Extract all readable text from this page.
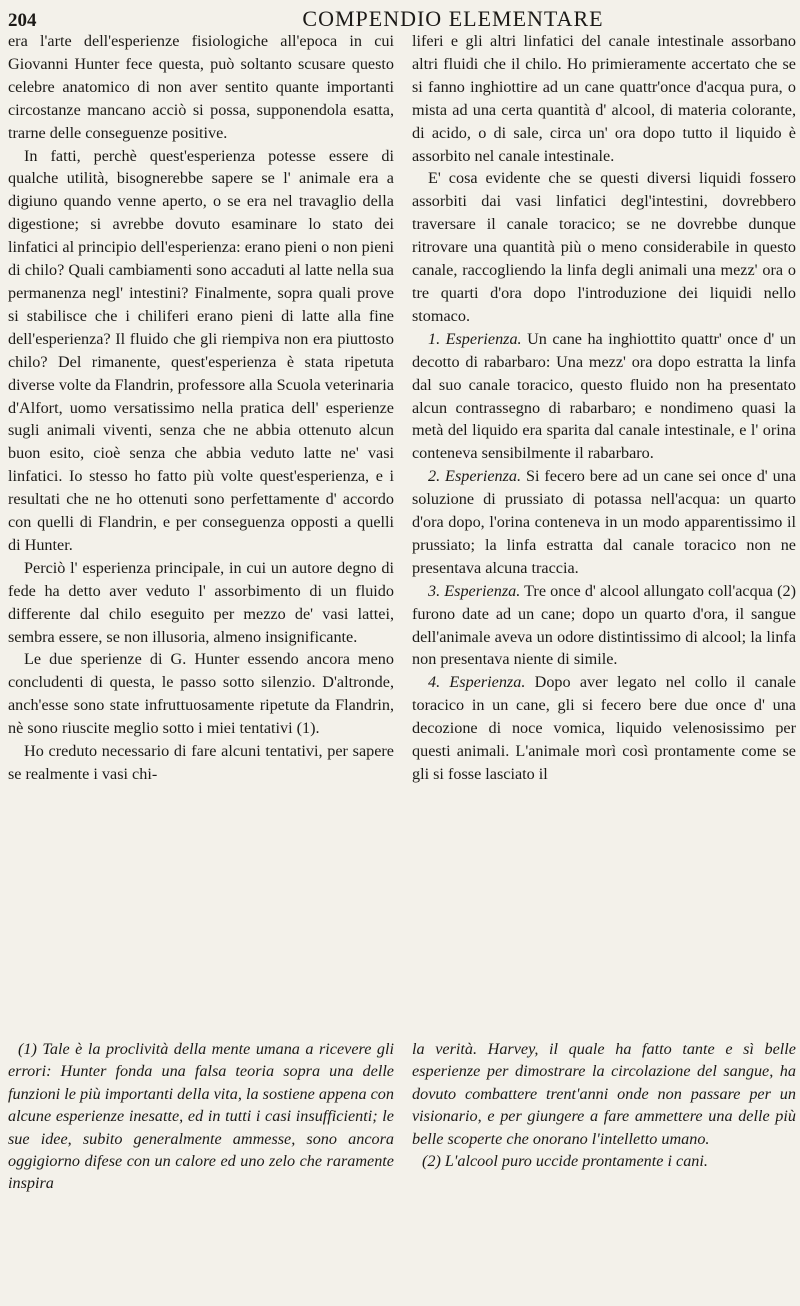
204	COMPENDIO ELEMENTARE

era l'arte dell'esperienze fisiologiche all'epoca in cui Giovanni Hunter fece questa, può soltanto scusare questo celebre anatomico di non aver sentito quante importanti circostanze mancano acciò si possa, supponendola esatta, trarne delle conseguenze positive.

In fatti, perchè quest'esperienza potesse essere di qualche utilità, bisognerebbe sapere se l' animale era a digiuno quando venne aperto, o se era nel travaglio della digestione; si avrebbe dovuto esaminare lo stato dei linfatici al principio dell'esperienza: erano pieni o non pieni di chilo? Quali cambiamenti sono accaduti al latte nella sua permanenza negl' intestini? Finalmente, sopra quali prove si stabilisce che i chiliferi erano pieni di latte alla fine dell'esperienza? Il fluido che gli riempiva non era piuttosto chilo? Del rimanente, quest'esperienza è stata ripetuta diverse volte da Flandrin, professore alla Scuola veterinaria d'Alfort, uomo versatissimo nella pratica dell' esperienze sugli animali viventi, senza che ne abbia ottenuto alcun buon esito, cioè senza che abbia veduto latte ne' vasi linfatici. Io stesso ho fatto più volte quest'esperienza, e i resultati che ne ho ottenuti sono perfettamente d' accordo con quelli di Flandrin, e per conseguenza opposti a quelli di Hunter.

Perciò l' esperienza principale, in cui un autore degno di fede ha detto aver veduto l' assorbimento di un fluido differente dal chilo eseguito per mezzo de' vasi lattei, sembra essere, se non illusoria, almeno insignificante.

Le due sperienze di G. Hunter essendo ancora meno concludenti di questa, le passo sotto silenzio. D'altronde, anch'esse sono state infruttuosamente ripetute da Flandrin, nè sono riuscite meglio sotto i miei tentativi (1).

Ho creduto necessario di fare alcuni tentativi, per sapere se realmente i vasi chi-

liferi e gli altri linfatici del canale intestinale assorbano altri fluidi che il chilo. Ho primieramente accertato che se si fanno inghiottire ad un cane quattr'once d'acqua pura, o mista ad una certa quantità d' alcool, di materia colorante, di acido, o di sale, circa un' ora dopo tutto il liquido è assorbito nel canale intestinale.

E' cosa evidente che se questi diversi liquidi fossero assorbiti dai vasi linfatici degl'intestini, dovrebbero traversare il canale toracico; se ne dovrebbe dunque ritrovare una quantità più o meno considerabile in questo canale, raccogliendo la linfa degli animali una mezz' ora o tre quarti d'ora dopo l'introduzione dei liquidi nello stomaco.

1. Esperienza. Un cane ha inghiottito quattr' once d' un decotto di rabarbaro: Una mezz' ora dopo estratta la linfa dal suo canale toracico, questo fluido non ha presentato alcun contrassegno di rabarbaro; e nondimeno quasi la metà del liquido era sparita dal canale intestinale, e l' orina conteneva sensibilmente il rabarbaro.

2. Esperienza. Si fecero bere ad un cane sei once d' una soluzione di prussiato di potassa nell'acqua: un quarto d'ora dopo, l'orina conteneva in un modo apparentissimo il prussiato; la linfa estratta dal canale toracico non ne presentava alcuna traccia.

3. Esperienza. Tre once d' alcool allungato coll'acqua (2) furono date ad un cane; dopo un quarto d'ora, il sangue dell'animale aveva un odore distintissimo di alcool; la linfa non presentava niente di simile.

4. Esperienza. Dopo aver legato nel collo il canale toracico in un cane, gli si fecero bere due once d' una decozione di noce vomica, liquido velenosissimo per questi animali. L'animale morì così prontamente come se gli si fosse lasciato il

(1) Tale è la proclività della mente umana a ricevere gli errori: Hunter fonda una falsa teoria sopra una delle funzioni le più importanti della vita, la sostiene appena con alcune esperienze inesatte, ed in tutti i casi insufficienti; le sue idee, subito generalmente ammesse, sono ancora oggigiorno difese con un calore ed uno zelo che raramente inspira

la verità. Harvey, il quale ha fatto tante e sì belle esperienze per dimostrare la circolazione del sangue, ha dovuto combattere trent'anni onde non passare per un visionario, e per giungere a fare ammettere una delle più belle scoperte che onorano l'intelletto umano.

(2) L'alcool puro uccide prontamente i cani.
